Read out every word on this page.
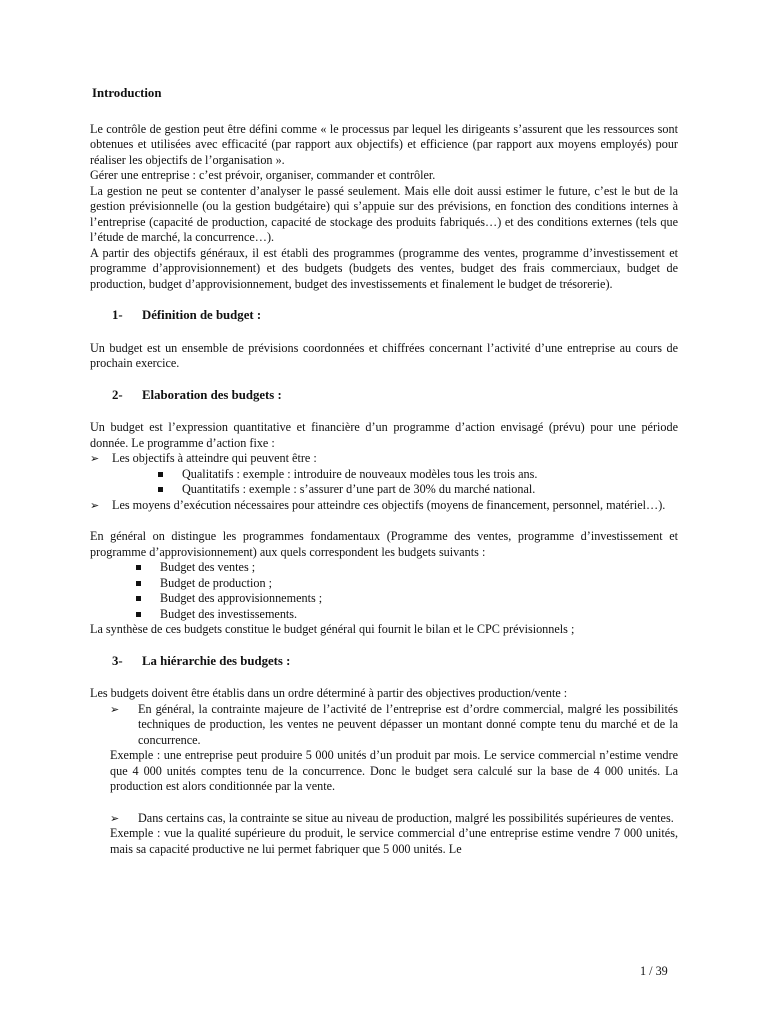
Introduction

Le contrôle de gestion peut être défini comme « le processus par lequel les dirigeants s’assurent que les ressources sont obtenues et utilisées avec efficacité (par rapport aux objectifs) et efficience (par rapport aux moyens employés) pour réaliser les objectifs de l’organisation ».

Gérer une entreprise : c’est prévoir, organiser, commander et contrôler.

La gestion ne peut se contenter d’analyser le passé seulement. Mais elle doit aussi estimer le future, c’est le but de la gestion prévisionnelle (ou la gestion budgétaire) qui s’appuie sur des prévisions, en fonction des conditions internes à l’entreprise (capacité de production, capacité de stockage des produits fabriqués…) et des conditions externes (tels que l’étude de marché, la concurrence…).

A partir des objectifs généraux, il est établi des programmes (programme des ventes, programme d’investissement et programme d’approvisionnement) et des budgets (budgets des ventes, budget des frais commerciaux, budget de production, budget d’approvisionnement, budget des investissements et finalement le budget de trésorerie).

1- Définition de budget :

Un budget est un ensemble de prévisions coordonnées et chiffrées concernant l’activité d’une entreprise au cours de prochain exercice.

2- Elaboration des budgets :

Un budget est l’expression quantitative et financière d’un programme d’action envisagé (prévu) pour une période donnée. Le programme d’action fixe :

➢ Les objectifs à atteindre qui peuvent être :
Qualitatifs : exemple : introduire de nouveaux modèles tous les trois ans.
Quantitatifs : exemple : s’assurer d’une part de 30% du marché national.
➢ Les moyens d’exécution nécessaires pour atteindre ces objectifs (moyens de financement, personnel, matériel…).

En général on distingue les programmes fondamentaux (Programme des ventes, programme d’investissement et programme d’approvisionnement) aux quels correspondent les budgets suivants :

Budget des ventes ;
Budget de production ;
Budget des approvisionnements ;
Budget des investissements.

La synthèse de ces budgets constitue le budget général qui fournit le bilan et le CPC prévisionnels ;

3- La hiérarchie des budgets :

Les budgets doivent être établis dans un ordre déterminé à partir des objectives production/vente :

➢ En général, la contrainte majeure de l’activité de l’entreprise est d’ordre commercial, malgré les possibilités techniques de production, les ventes ne peuvent dépasser un montant donné compte tenu du marché et de la concurrence.

Exemple : une entreprise peut produire 5 000 unités d’un produit par mois. Le service commercial n’estime vendre que 4 000 unités comptes tenu de la concurrence. Donc le budget sera calculé sur la base de 4 000 unités. La production est alors conditionnée par la vente.

➢ Dans certains cas, la contrainte se situe au niveau de production, malgré les possibilités supérieures de ventes.

Exemple : vue la qualité supérieure du produit, le service commercial d’une entreprise estime vendre 7 000 unités, mais sa capacité productive ne lui permet fabriquer que 5 000 unités. Le

1 / 39
